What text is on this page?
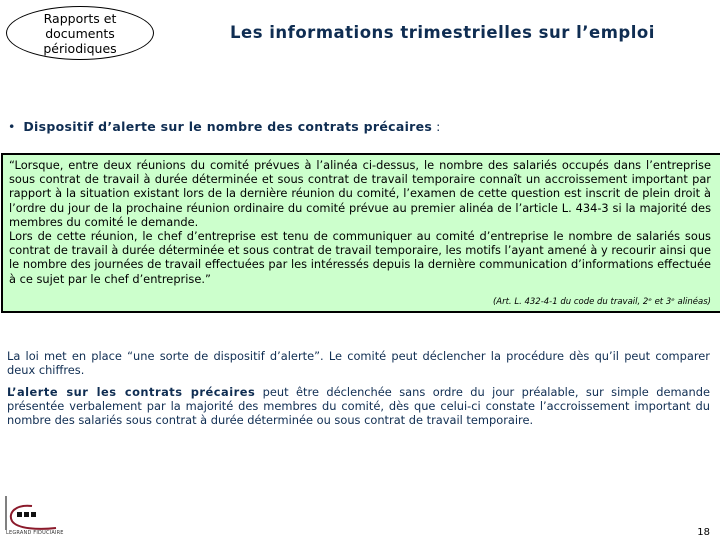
Rapports et
documents
périodiques
Les informations trimestrielles sur l’emploi
• Dispositif d’alerte sur le nombre des contrats précaires :

“Lorsque, entre deux réunions du comité prévues à l’alinéa ci-dessus, le nombre des salariés occupés dans l’entreprise sous contrat de travail à durée déterminée et sous contrat de travail temporaire connaît un accroissement important par rapport à la situation existant lors de la dernière réunion du comité, l’examen de cette question est inscrit de plein droit à l’ordre du jour de la prochaine réunion ordinaire du comité prévue au premier alinéa de l’article L. 434-3 si la majorité des membres du comité le demande.

Lors de cette réunion, le chef d’entreprise est tenu de communiquer au comité d’entreprise le nombre de salariés sous contrat de travail à durée déterminée et sous contrat de travail temporaire, les motifs l’ayant amené à y recourir ainsi que le nombre des journées de travail effectuées par les intéressés depuis la dernière communication d’informations effectuée à ce sujet par le chef d’entreprise.”

(Art. L. 432-4-1 du code du travail, 2ᵉ et 3ᵉ alinéas)

La loi met en place “une sorte de dispositif d’alerte”. Le comité peut déclencher la procédure dès qu’il peut comparer deux chiffres.

L’alerte sur les contrats précaires peut être déclenchée sans ordre du jour préalable, sur simple demande présentée verbalement par la majorité des membres du comité, dès que celui-ci constate l’accroissement important du nombre des salariés sous contrat à durée déterminée ou sous contrat de travail temporaire.

LEGRAND FIDUCIAIRE	18
